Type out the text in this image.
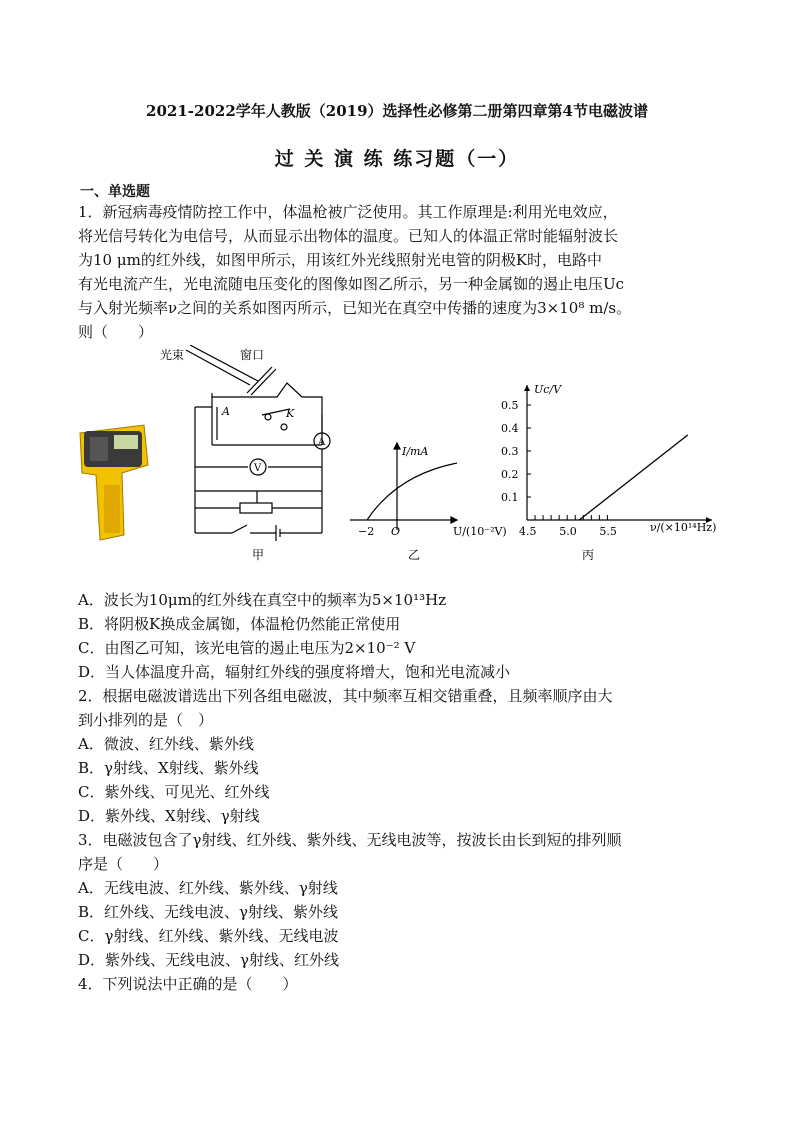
2021-2022学年人教版（2019）选择性必修第二册第四章第4节电磁波谱
过 关 演 练 练习题（一）
一、单选题
1．新冠病毒疫情防控工作中，体温枪被广泛使用。其工作原理是:利用光电效应，
将光信号转化为电信号，从而显示出物体的温度。已知人的体温正常时能辐射波长
为10 μm的红外线，如图甲所示，用该红外光线照射光电管的阴极K时，电路中
有光电流产生，光电流随电压变化的图像如图乙所示，另一种金属铷的遏止电压Uc
与入射光频率ν之间的关系如图丙所示，已知光在真空中传播的速度为3×10⁸ m/s。
则（　　）
光束	窗口
A	K
A
V
甲
I/mA
U/(10⁻²V)
−2 O
乙
0.5
0.4
0.3
0.2
0.1
4.5 5.0 5.5
Uc/V
ν/(×10¹⁴Hz)
丙
A．波长为10μm的红外线在真空中的频率为5×10¹³Hz
B．将阴极K换成金属铷，体温枪仍然能正常使用
C．由图乙可知，该光电管的遏止电压为2×10⁻² V
D．当人体温度升高，辐射红外线的强度将增大，饱和光电流减小
2．根据电磁波谱选出下列各组电磁波，其中频率互相交错重叠，且频率顺序由大
到小排列的是（　）
A．微波、红外线、紫外线
B．γ射线、X射线、紫外线
C．紫外线、可见光、红外线
D．紫外线、X射线、γ射线
3．电磁波包含了γ射线、红外线、紫外线、无线电波等，按波长由长到短的排列顺
序是（　　）
A．无线电波、红外线、紫外线、γ射线
B．红外线、无线电波、γ射线、紫外线
C．γ射线、红外线、紫外线、无线电波
D．紫外线、无线电波、γ射线、红外线
4．下列说法中正确的是（　　）
